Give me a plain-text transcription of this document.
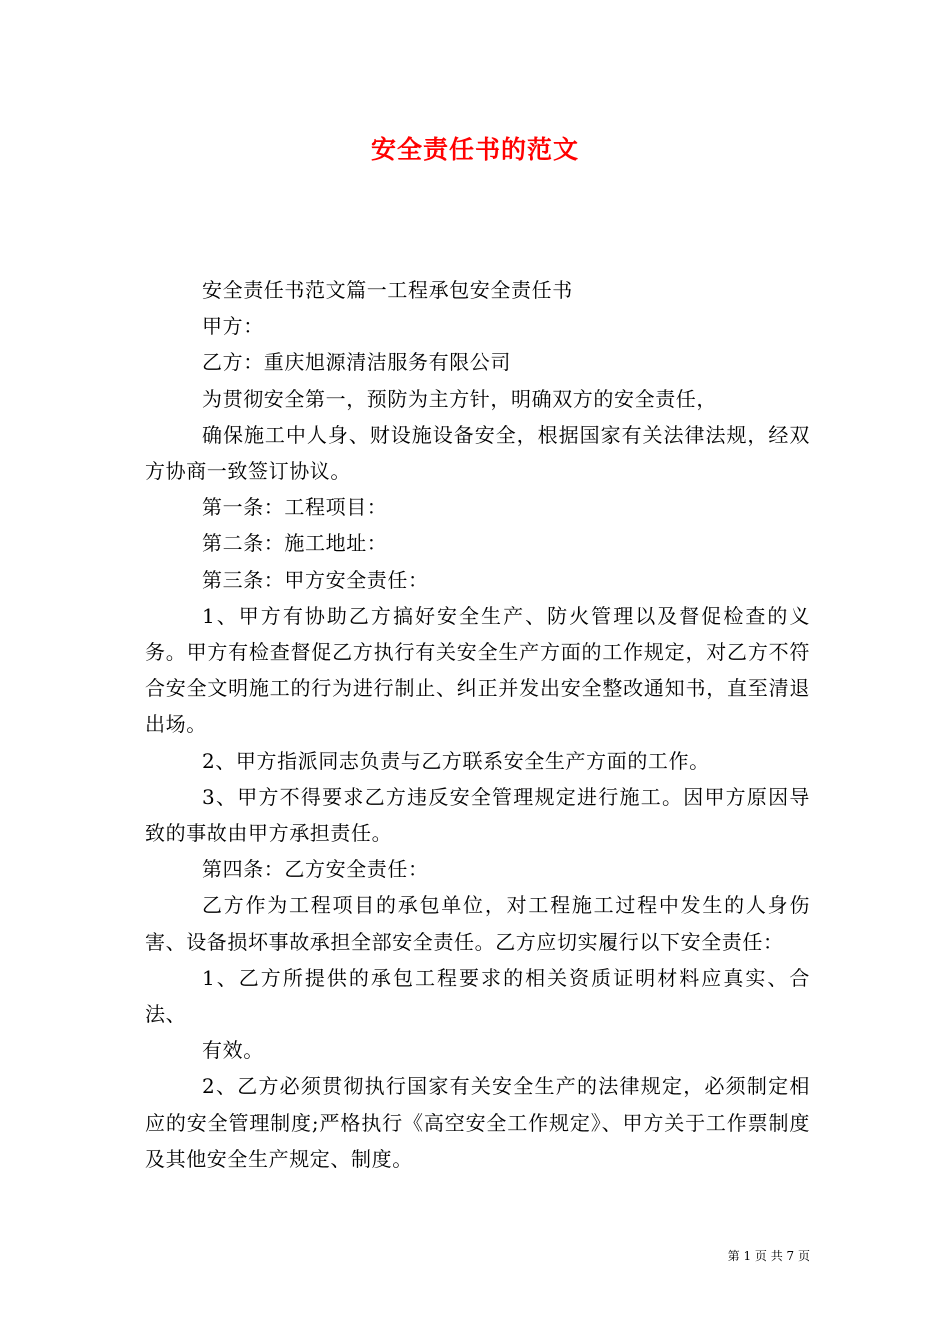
安全责任书的范文

安全责任书范文篇一工程承包安全责任书

甲方：

乙方：重庆旭源清洁服务有限公司

为贯彻安全第一，预防为主方针，明确双方的安全责任，

确保施工中人身、财设施设备安全，根据国家有关法律法规，经双方协商一致签订协议。

第一条：工程项目：

第二条：施工地址：

第三条：甲方安全责任：

1、甲方有协助乙方搞好安全生产、防火管理以及督促检查的义务。甲方有检查督促乙方执行有关安全生产方面的工作规定，对乙方不符合安全文明施工的行为进行制止、纠正并发出安全整改通知书，直至清退出场。

2、甲方指派同志负责与乙方联系安全生产方面的工作。

3、甲方不得要求乙方违反安全管理规定进行施工。因甲方原因导致的事故由甲方承担责任。

第四条：乙方安全责任：

乙方作为工程项目的承包单位，对工程施工过程中发生的人身伤害、设备损坏事故承担全部安全责任。乙方应切实履行以下安全责任：

1、乙方所提供的承包工程要求的相关资质证明材料应真实、合法、

有效。

2、乙方必须贯彻执行国家有关安全生产的法律规定，必须制定相应的安全管理制度;严格执行《高空安全工作规定》、甲方关于工作票制度及其他安全生产规定、制度。

第 1 页 共 7 页
